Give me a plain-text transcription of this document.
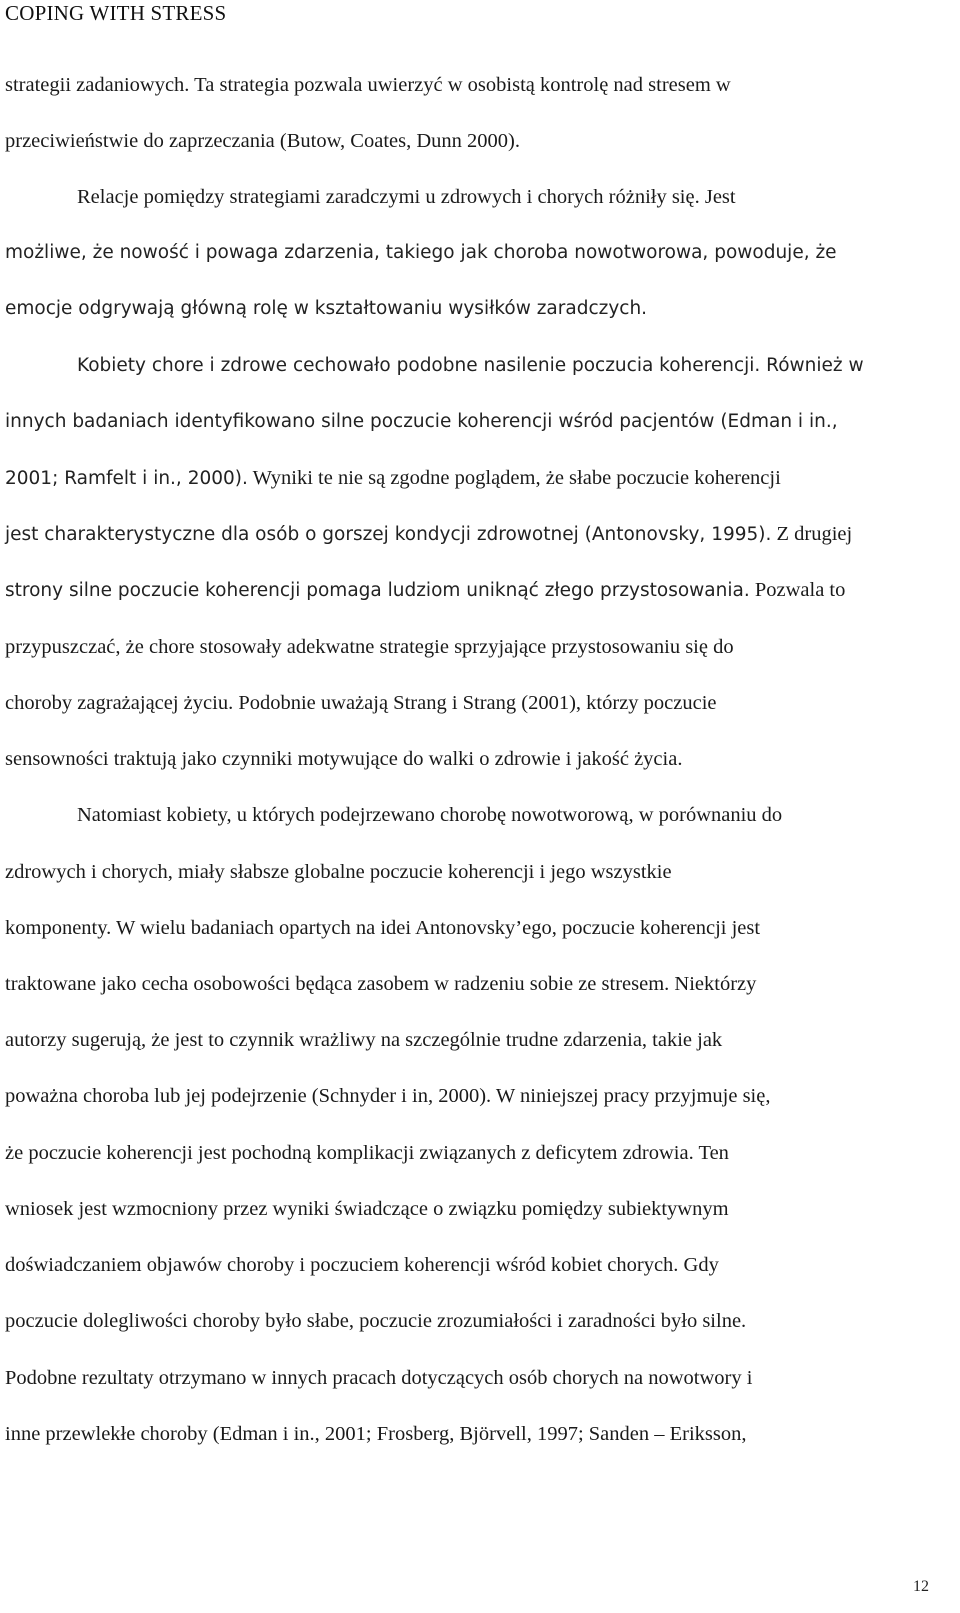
COPING WITH STRESS
strategii zadaniowych. Ta strategia pozwala uwierzyć w osobistą kontrolę nad stresem w
przeciwieństwie do zaprzeczania (Butow, Coates, Dunn 2000).
Relacje pomiędzy strategiami zaradczymi u zdrowych i chorych różniły się. Jest
możliwe, że nowość i powaga zdarzenia, takiego jak choroba nowotworowa, powoduje, że
emocje odgrywają główną rolę w kształtowaniu wysiłków zaradczych.
Kobiety chore i zdrowe cechowało podobne nasilenie poczucia koherencji. Również w
innych badaniach identyfikowano silne poczucie koherencji wśród pacjentów (Edman i in.,
2001; Ramfelt i in., 2000). Wyniki te nie są zgodne poglądem, że słabe poczucie koherencji
jest charakterystyczne dla osób o gorszej kondycji zdrowotnej (Antonovsky, 1995). Z drugiej
strony silne poczucie koherencji pomaga ludziom uniknąć złego przystosowania. Pozwala to
przypuszczać, że chore stosowały adekwatne strategie sprzyjające przystosowaniu się do
choroby zagrażającej życiu. Podobnie uważają Strang i Strang (2001), którzy poczucie
sensowności traktują jako czynniki motywujące do walki o zdrowie i jakość życia.
Natomiast kobiety, u których podejrzewano chorobę nowotworową, w porównaniu do
zdrowych i chorych, miały słabsze globalne poczucie koherencji i jego wszystkie
komponenty. W wielu badaniach opartych na idei Antonovsky’ego, poczucie koherencji jest
traktowane jako cecha osobowości będąca zasobem w radzeniu sobie ze stresem. Niektórzy
autorzy sugerują, że jest to czynnik wrażliwy na szczególnie trudne zdarzenia, takie jak
poważna choroba lub jej podejrzenie (Schnyder i in, 2000). W niniejszej pracy przyjmuje się,
że poczucie koherencji jest pochodną komplikacji związanych z deficytem zdrowia. Ten
wniosek jest wzmocniony przez wyniki świadczące o związku pomiędzy subiektywnym
doświadczaniem objawów choroby i poczuciem koherencji wśród kobiet chorych. Gdy
poczucie dolegliwości choroby było słabe, poczucie zrozumiałości i zaradności było silne.
Podobne rezultaty otrzymano w innych pracach dotyczących osób chorych na nowotwory i
inne przewlekłe choroby (Edman i in., 2001; Frosberg, Björvell, 1997; Sanden – Eriksson,
12
